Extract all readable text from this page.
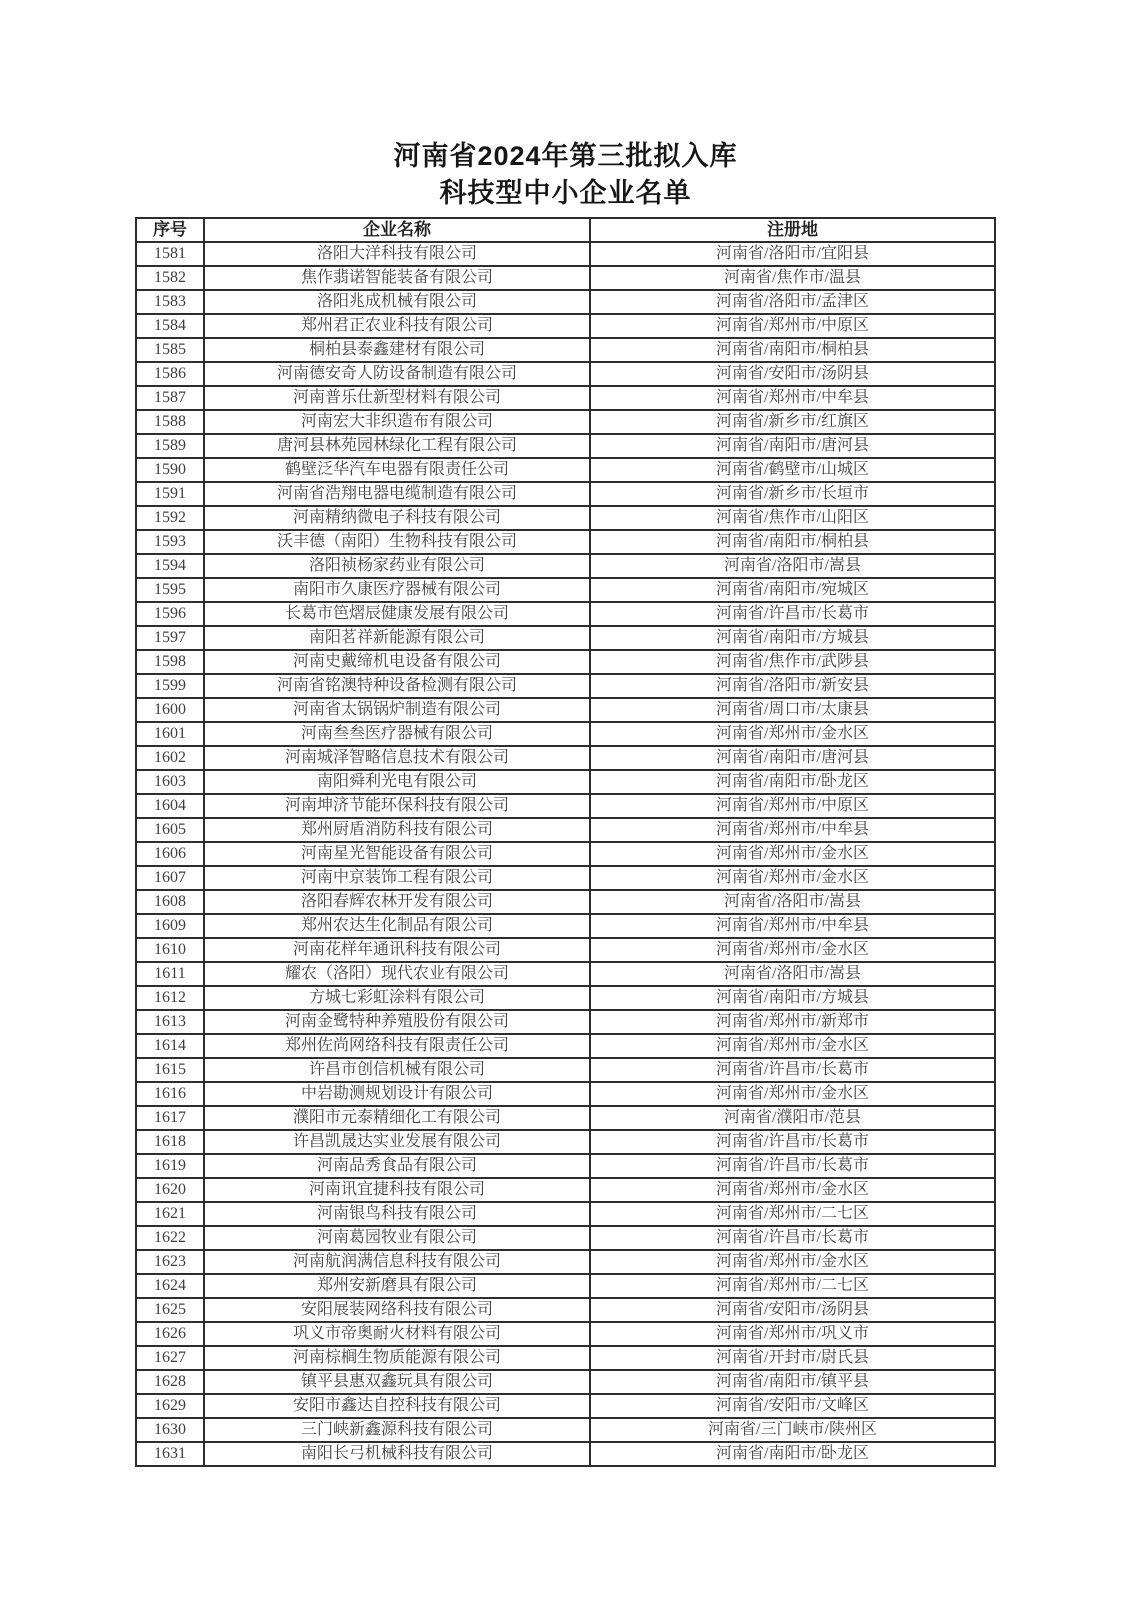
河南省2024年第三批拟入库
科技型中小企业名单
序号	企业名称	注册地
1581	洛阳大洋科技有限公司	河南省/洛阳市/宜阳县
1582	焦作翡诺智能装备有限公司	河南省/焦作市/温县
1583	洛阳兆成机械有限公司	河南省/洛阳市/孟津区
1584	郑州君正农业科技有限公司	河南省/郑州市/中原区
1585	桐柏县泰鑫建材有限公司	河南省/南阳市/桐柏县
1586	河南德安奇人防设备制造有限公司	河南省/安阳市/汤阴县
1587	河南普乐仕新型材料有限公司	河南省/郑州市/中牟县
1588	河南宏大非织造布有限公司	河南省/新乡市/红旗区
1589	唐河县林苑园林绿化工程有限公司	河南省/南阳市/唐河县
1590	鹤壁泛华汽车电器有限责任公司	河南省/鹤壁市/山城区
1591	河南省浩翔电器电缆制造有限公司	河南省/新乡市/长垣市
1592	河南精纳微电子科技有限公司	河南省/焦作市/山阳区
1593	沃丰德（南阳）生物科技有限公司	河南省/南阳市/桐柏县
1594	洛阳祯杨家药业有限公司	河南省/洛阳市/嵩县
1595	南阳市久康医疗器械有限公司	河南省/南阳市/宛城区
1596	长葛市笆熠辰健康发展有限公司	河南省/许昌市/长葛市
1597	南阳茗祥新能源有限公司	河南省/南阳市/方城县
1598	河南史戴缔机电设备有限公司	河南省/焦作市/武陟县
1599	河南省铭澳特种设备检测有限公司	河南省/洛阳市/新安县
1600	河南省太锅锅炉制造有限公司	河南省/周口市/太康县
1601	河南叁叁医疗器械有限公司	河南省/郑州市/金水区
1602	河南城泽智略信息技术有限公司	河南省/南阳市/唐河县
1603	南阳舜利光电有限公司	河南省/南阳市/卧龙区
1604	河南坤济节能环保科技有限公司	河南省/郑州市/中原区
1605	郑州厨盾消防科技有限公司	河南省/郑州市/中牟县
1606	河南星光智能设备有限公司	河南省/郑州市/金水区
1607	河南中京装饰工程有限公司	河南省/郑州市/金水区
1608	洛阳春辉农林开发有限公司	河南省/洛阳市/嵩县
1609	郑州农达生化制品有限公司	河南省/郑州市/中牟县
1610	河南花样年通讯科技有限公司	河南省/郑州市/金水区
1611	耀农（洛阳）现代农业有限公司	河南省/洛阳市/嵩县
1612	方城七彩虹涂料有限公司	河南省/南阳市/方城县
1613	河南金鹭特种养殖股份有限公司	河南省/郑州市/新郑市
1614	郑州佐尚网络科技有限责任公司	河南省/郑州市/金水区
1615	许昌市创信机械有限公司	河南省/许昌市/长葛市
1616	中岩勘测规划设计有限公司	河南省/郑州市/金水区
1617	濮阳市元泰精细化工有限公司	河南省/濮阳市/范县
1618	许昌凯晟达实业发展有限公司	河南省/许昌市/长葛市
1619	河南品秀食品有限公司	河南省/许昌市/长葛市
1620	河南讯宜捷科技有限公司	河南省/郑州市/金水区
1621	河南银鸟科技有限公司	河南省/郑州市/二七区
1622	河南葛园牧业有限公司	河南省/许昌市/长葛市
1623	河南航润满信息科技有限公司	河南省/郑州市/金水区
1624	郑州安新磨具有限公司	河南省/郑州市/二七区
1625	安阳展装网络科技有限公司	河南省/安阳市/汤阴县
1626	巩义市帝奥耐火材料有限公司	河南省/郑州市/巩义市
1627	河南棕榈生物质能源有限公司	河南省/开封市/尉氏县
1628	镇平县惠双鑫玩具有限公司	河南省/南阳市/镇平县
1629	安阳市鑫达自控科技有限公司	河南省/安阳市/文峰区
1630	三门峡新鑫源科技有限公司	河南省/三门峡市/陕州区
1631	南阳长弓机械科技有限公司	河南省/南阳市/卧龙区
